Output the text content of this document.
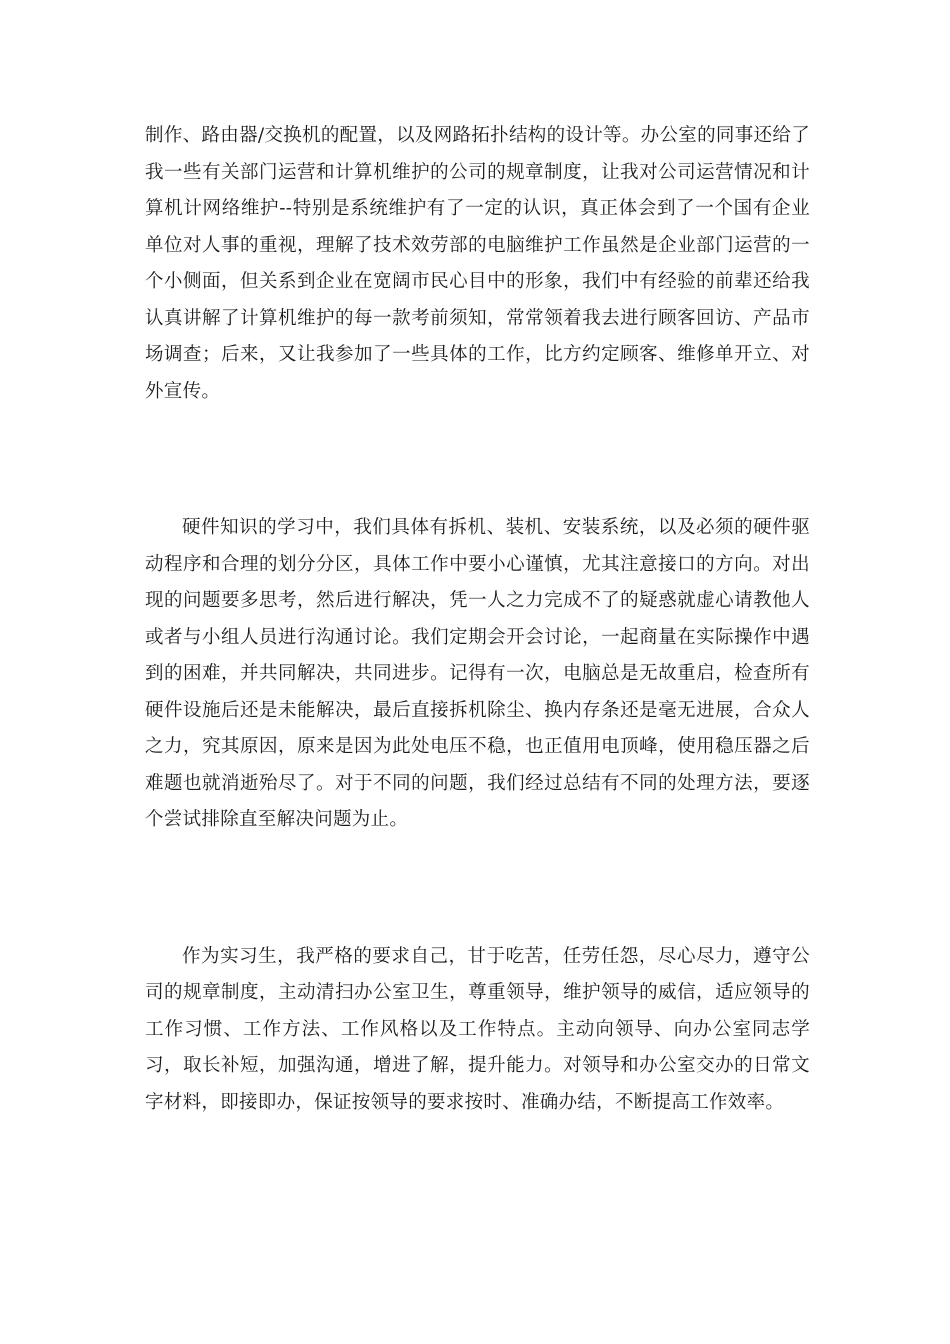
制作、路由器/交换机的配置，以及网路拓扑结构的设计等。办公室的同事还给了我一些有关部门运营和计算机维护的公司的规章制度，让我对公司运营情况和计算机计网络维护--特别是系统维护有了一定的认识，真正体会到了一个国有企业单位对人事的重视，理解了技术效劳部的电脑维护工作虽然是企业部门运营的一个小侧面，但关系到企业在宽阔市民心目中的形象，我们中有经验的前辈还给我认真讲解了计算机维护的每一款考前须知，常常领着我去进行顾客回访、产品市场调查；后来，又让我参加了一些具体的工作，比方约定顾客、维修单开立、对外宣传。

硬件知识的学习中，我们具体有拆机、装机、安装系统，以及必须的硬件驱动程序和合理的划分分区，具体工作中要小心谨慎，尤其注意接口的方向。对出现的问题要多思考，然后进行解决，凭一人之力完成不了的疑惑就虚心请教他人或者与小组人员进行沟通讨论。我们定期会开会讨论，一起商量在实际操作中遇到的困难，并共同解决，共同进步。记得有一次，电脑总是无故重启，检查所有硬件设施后还是未能解决，最后直接拆机除尘、换内存条还是毫无进展，合众人之力，究其原因，原来是因为此处电压不稳，也正值用电顶峰，使用稳压器之后难题也就消逝殆尽了。对于不同的问题，我们经过总结有不同的处理方法，要逐个尝试排除直至解决问题为止。

作为实习生，我严格的要求自己，甘于吃苦，任劳任怨，尽心尽力，遵守公司的规章制度，主动清扫办公室卫生，尊重领导，维护领导的威信，适应领导的工作习惯、工作方法、工作风格以及工作特点。主动向领导、向办公室同志学习，取长补短，加强沟通，增进了解，提升能力。对领导和办公室交办的日常文字材料，即接即办，保证按领导的要求按时、准确办结，不断提高工作效率。
